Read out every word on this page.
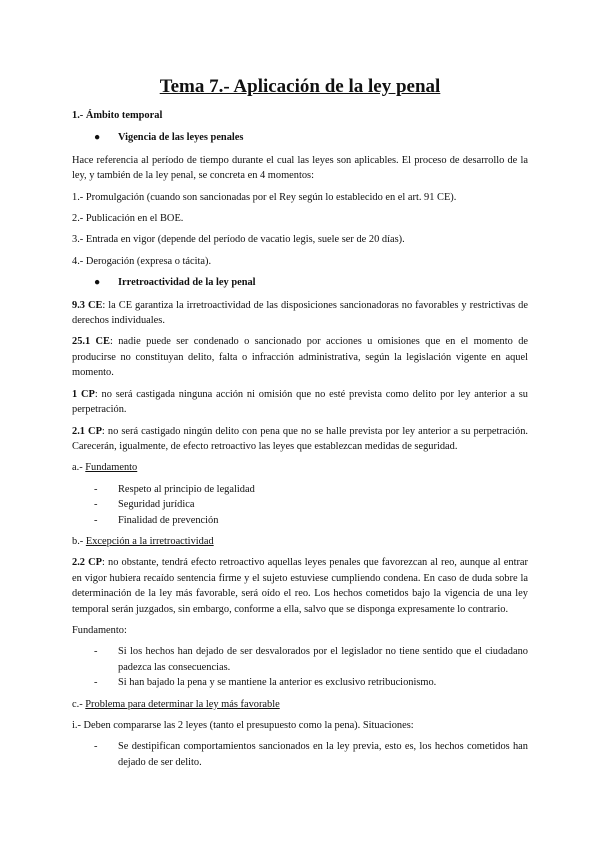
Tema 7.- Aplicación de la ley penal

1.- Ámbito temporal

● Vigencia de las leyes penales

Hace referencia al período de tiempo durante el cual las leyes son aplicables. El proceso de desarrollo de la ley, y también de la ley penal, se concreta en 4 momentos:

1.- Promulgación (cuando son sancionadas por el Rey según lo establecido en el art. 91 CE).

2.- Publicación en el BOE.

3.- Entrada en vigor (depende del período de vacatio legis, suele ser de 20 días).

4.- Derogación (expresa o tácita).

● Irretroactividad de la ley penal

9.3 CE: la CE garantiza la irretroactividad de las disposiciones sancionadoras no favorables y restrictivas de derechos individuales.

25.1 CE: nadie puede ser condenado o sancionado por acciones u omisiones que en el momento de producirse no constituyan delito, falta o infracción administrativa, según la legislación vigente en aquel momento.

1 CP: no será castigada ninguna acción ni omisión que no esté prevista como delito por ley anterior a su perpetración.

2.1 CP: no será castigado ningún delito con pena que no se halle prevista por ley anterior a su perpetración. Carecerán, igualmente, de efecto retroactivo las leyes que establezcan medidas de seguridad.

a.- Fundamento

- Respeto al principio de legalidad
- Seguridad jurídica
- Finalidad de prevención

b.- Excepción a la irretroactividad

2.2 CP: no obstante, tendrá efecto retroactivo aquellas leyes penales que favorezcan al reo, aunque al entrar en vigor hubiera recaído sentencia firme y el sujeto estuviese cumpliendo condena. En caso de duda sobre la determinación de la ley más favorable, será oído el reo. Los hechos cometidos bajo la vigencia de una ley temporal serán juzgados, sin embargo, conforme a ella, salvo que se disponga expresamente lo contrario.

Fundamento:

- Si los hechos han dejado de ser desvalorados por el legislador no tiene sentido que el ciudadano padezca las consecuencias.
- Si han bajado la pena y se mantiene la anterior es exclusivo retribucionismo.

c.- Problema para determinar la ley más favorable

i.- Deben compararse las 2 leyes (tanto el presupuesto como la pena). Situaciones:

- Se destipifican comportamientos sancionados en la ley previa, esto es, los hechos cometidos han dejado de ser delito.
